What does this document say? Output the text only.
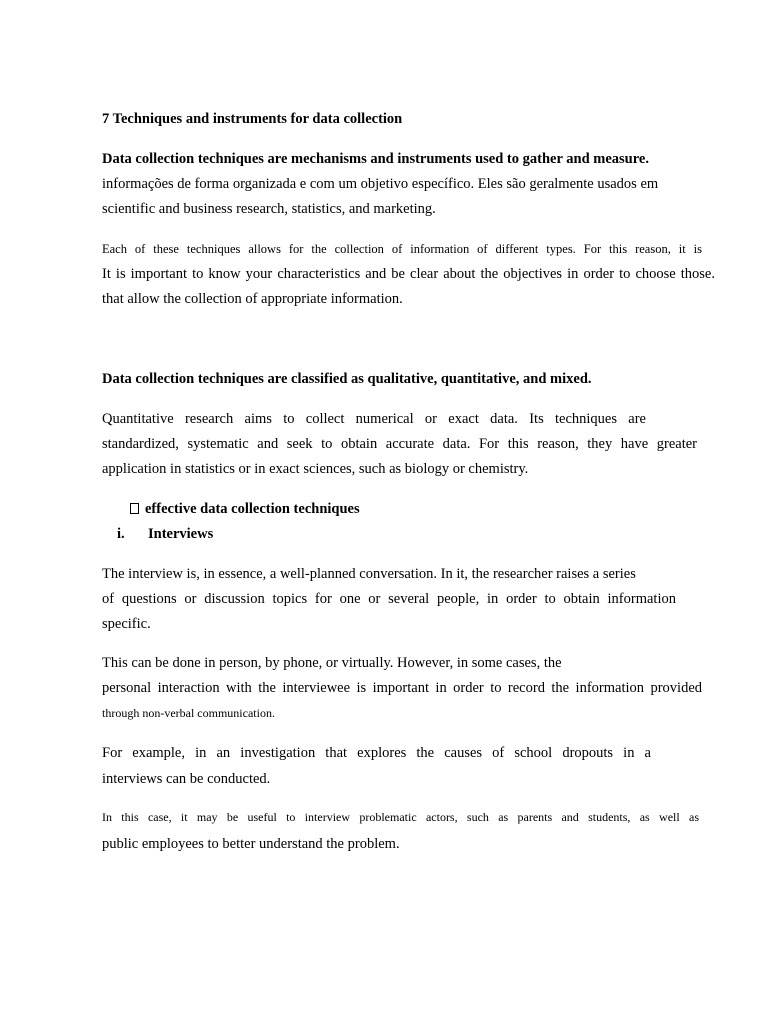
7 Techniques and instruments for data collection
Data collection techniques are mechanisms and instruments used to gather and measure.
informações de forma organizada e com um objetivo específico. Eles são geralmente usados em
scientific and business research, statistics, and marketing.
Each of these techniques allows for the collection of information of different types. For this reason, it is
It is important to know your characteristics and be clear about the objectives in order to choose those.
that allow the collection of appropriate information.
Data collection techniques are classified as qualitative, quantitative, and mixed.
Quantitative research aims to collect numerical or exact data. Its techniques are
standardized, systematic and seek to obtain accurate data. For this reason, they have greater
application in statistics or in exact sciences, such as biology or chemistry.
effective data collection techniques
i. Interviews
The interview is, in essence, a well-planned conversation. In it, the researcher raises a series
of questions or discussion topics for one or several people, in order to obtain information
specific.
This can be done in person, by phone, or virtually. However, in some cases, the
personal interaction with the interviewee is important in order to record the information provided
through non-verbal communication.
For example, in an investigation that explores the causes of school dropouts in a
interviews can be conducted.
In this case, it may be useful to interview problematic actors, such as parents and students, as well as
public employees to better understand the problem.
